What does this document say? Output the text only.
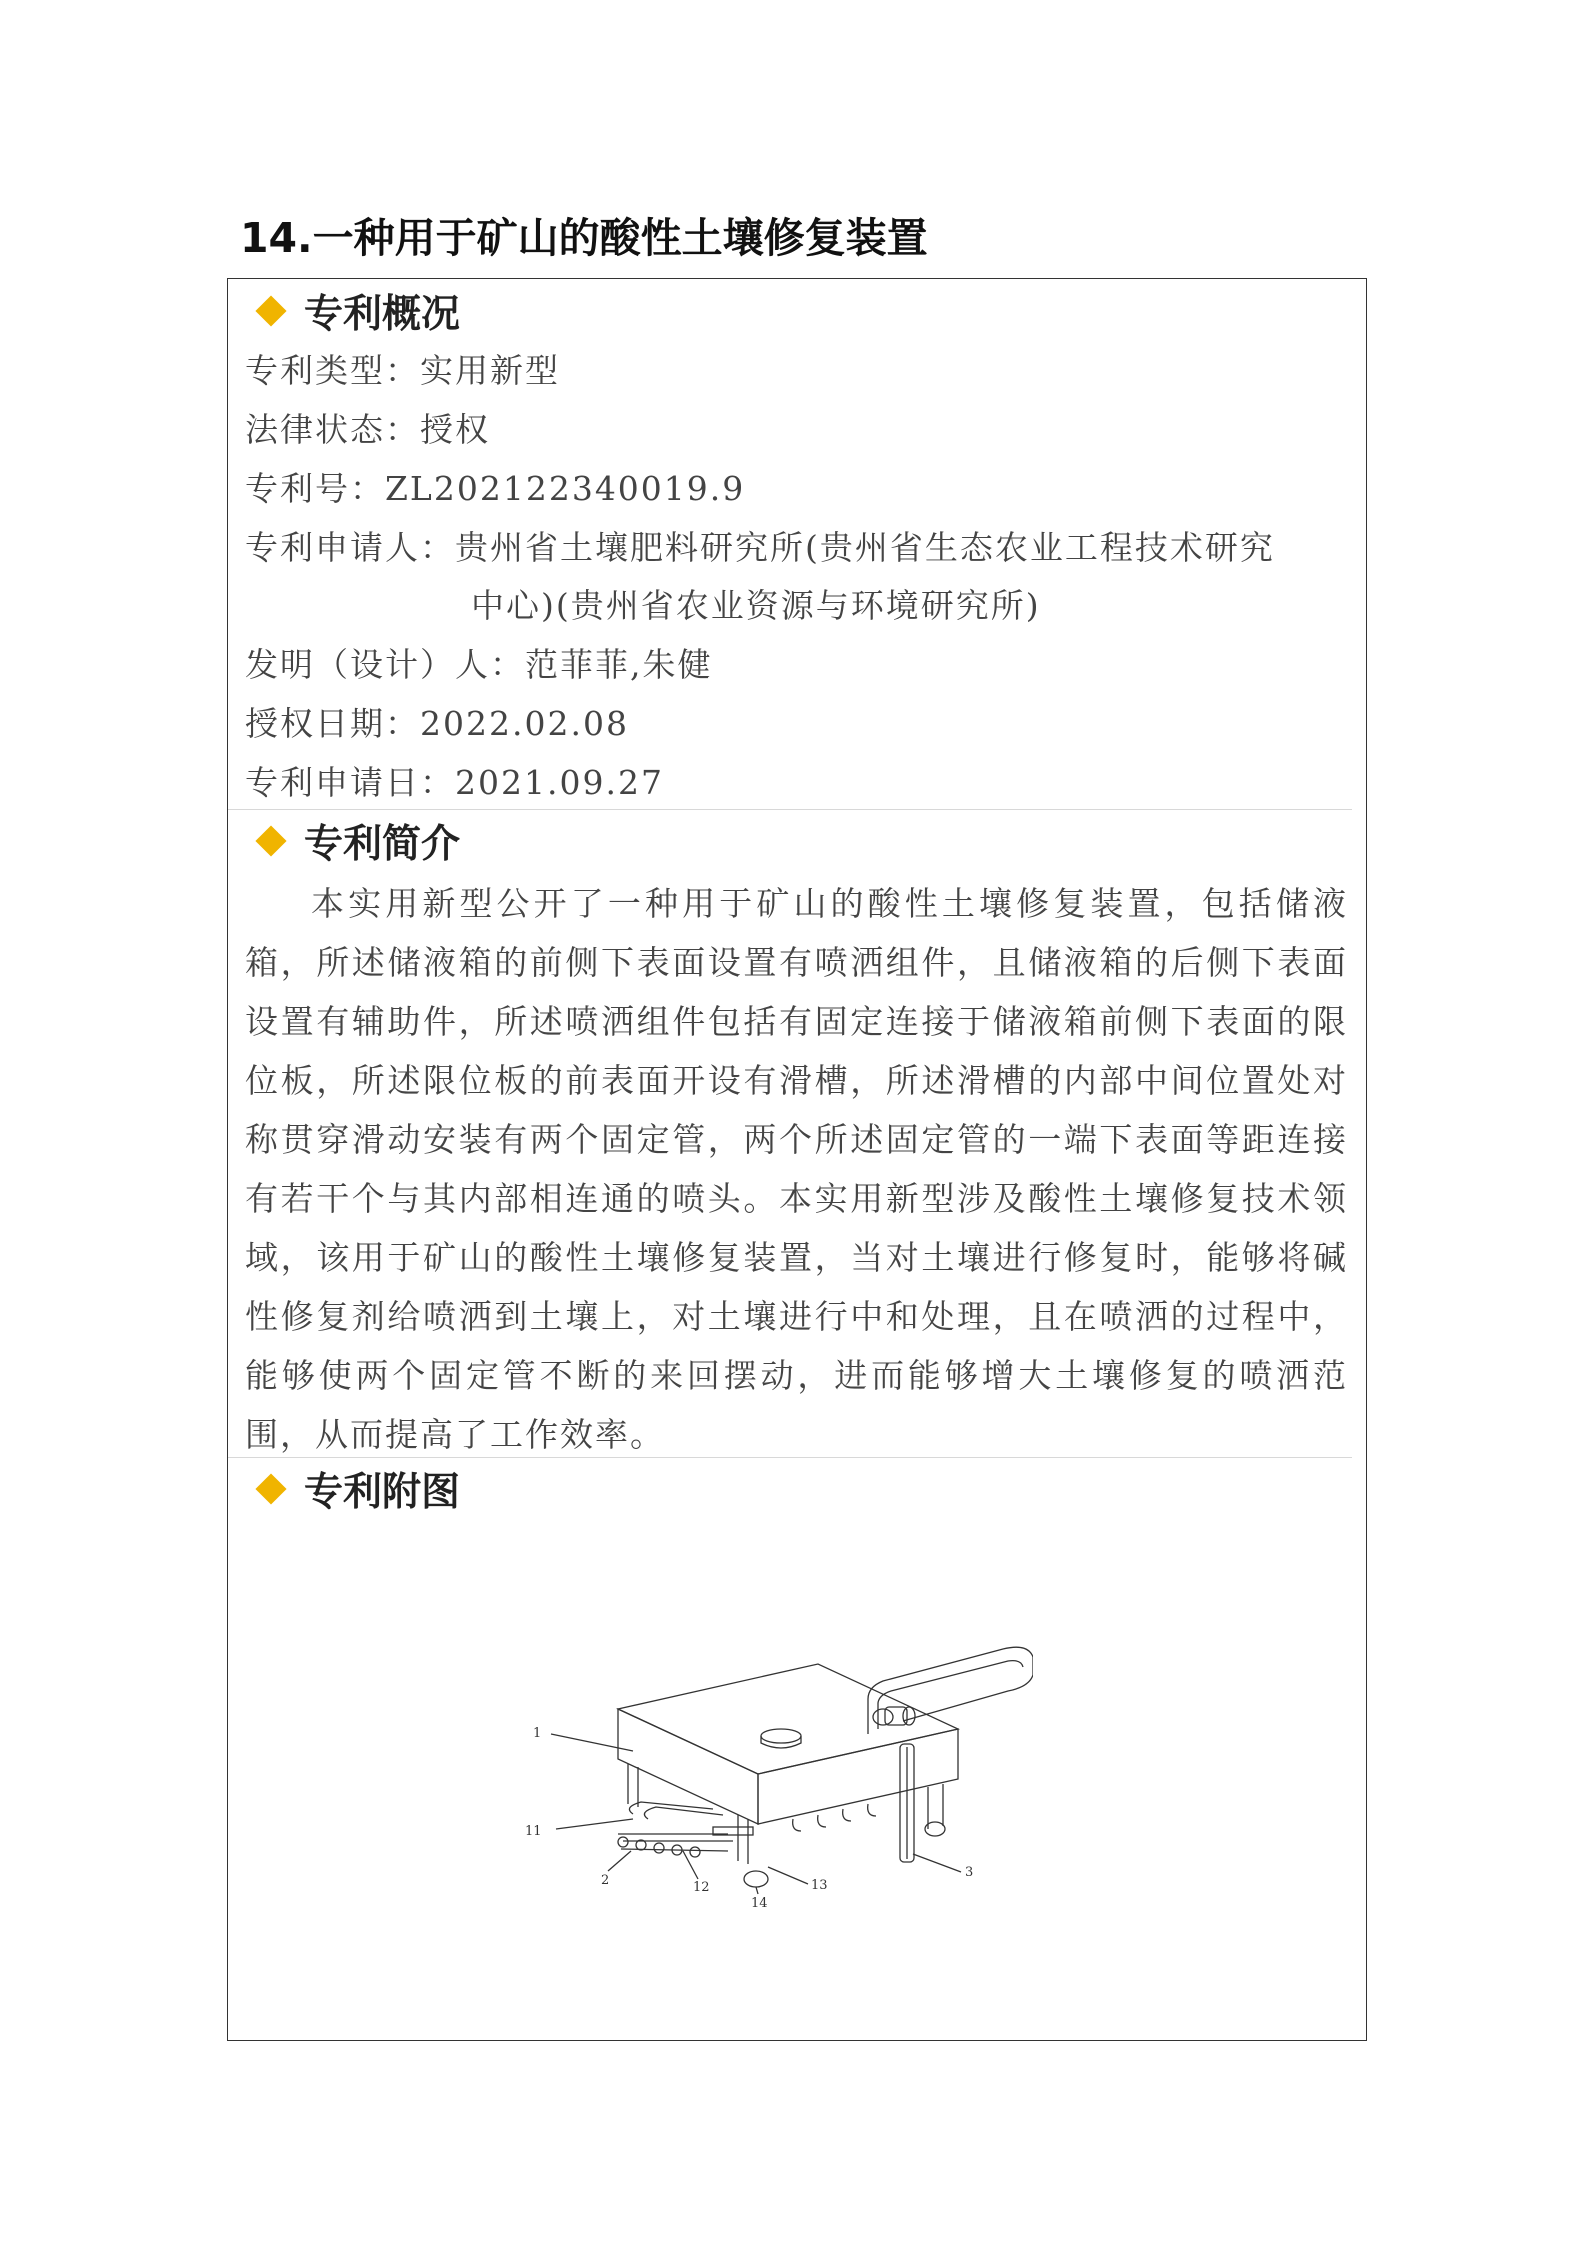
14.一种用于矿山的酸性土壤修复装置
专利概况
专利类型：实用新型
法律状态：授权
专利号：ZL202122340019.9
专利申请人：贵州省土壤肥料研究所(贵州省生态农业工程技术研究
中心)(贵州省农业资源与环境研究所)
发明（设计）人：范菲菲,朱健
授权日期：2022.02.08
专利申请日：2021.09.27
专利简介

本实用新型公开了一种用于矿山的酸性土壤修复装置，包括储液箱，所述储液箱的前侧下表面设置有喷洒组件，且储液箱的后侧下表面设置有辅助件，所述喷洒组件包括有固定连接于储液箱前侧下表面的限位板，所述限位板的前表面开设有滑槽，所述滑槽的内部中间位置处对称贯穿滑动安装有两个固定管，两个所述固定管的一端下表面等距连接有若干个与其内部相连通的喷头。本实用新型涉及酸性土壤修复技术领域，该用于矿山的酸性土壤修复装置，当对土壤进行修复时，能够将碱性修复剂给喷洒到土壤上，对土壤进行中和处理，且在喷洒的过程中，能够使两个固定管不断的来回摆动，进而能够增大土壤修复的喷洒范围，从而提高了工作效率。

专利附图
1
11
2	12
14
13
3
